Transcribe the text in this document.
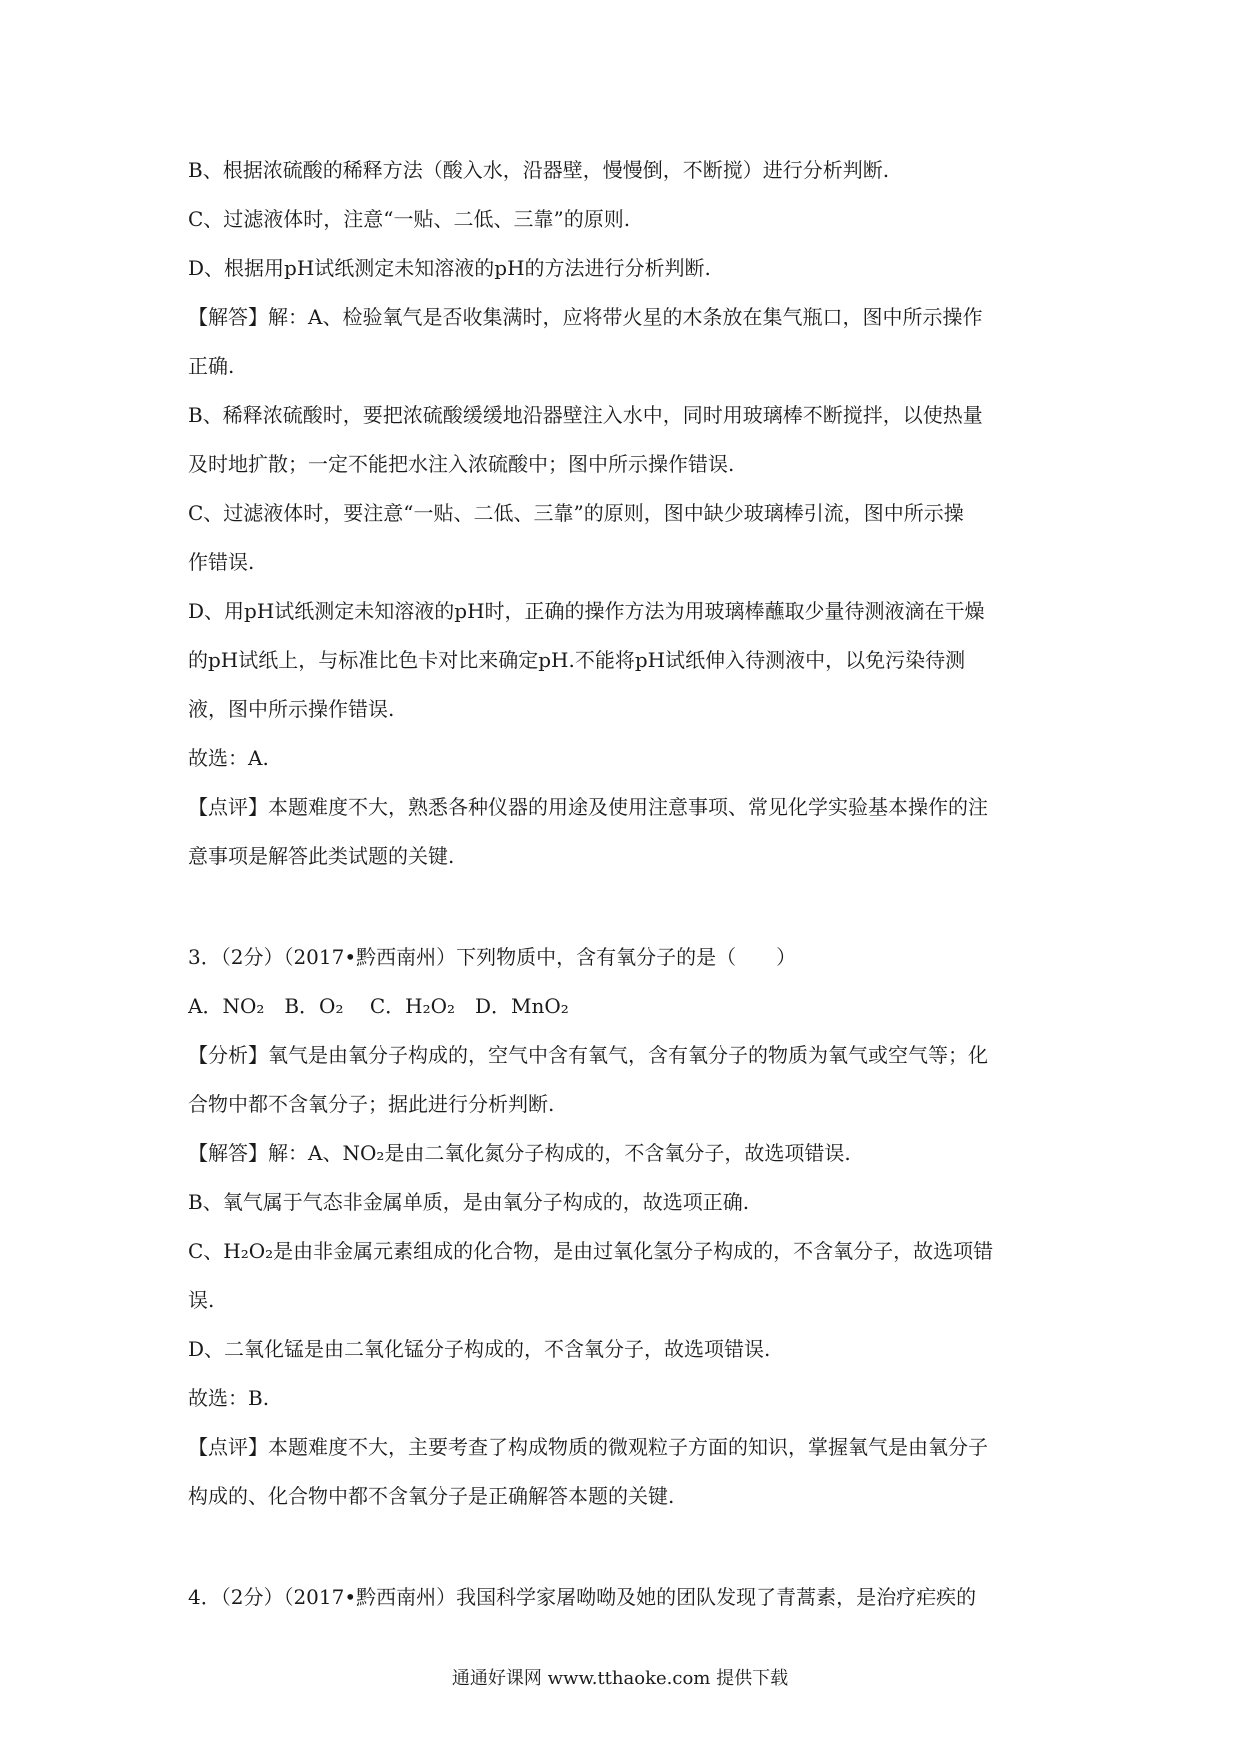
B、根据浓硫酸的稀释方法（酸入水，沿器壁，慢慢倒，不断搅）进行分析判断.
C、过滤液体时，注意“一贴、二低、三靠”的原则.
D、根据用pH试纸测定未知溶液的pH的方法进行分析判断.
【解答】解：A、检验氧气是否收集满时，应将带火星的木条放在集气瓶口，图中所示操作
正确.
B、稀释浓硫酸时，要把浓硫酸缓缓地沿器壁注入水中，同时用玻璃棒不断搅拌，以使热量
及时地扩散；一定不能把水注入浓硫酸中；图中所示操作错误.
C、过滤液体时，要注意“一贴、二低、三靠”的原则，图中缺少玻璃棒引流，图中所示操
作错误.
D、用pH试纸测定未知溶液的pH时，正确的操作方法为用玻璃棒蘸取少量待测液滴在干燥
的pH试纸上，与标准比色卡对比来确定pH.不能将pH试纸伸入待测液中，以免污染待测
液，图中所示操作错误.
故选：A.
【点评】本题难度不大，熟悉各种仪器的用途及使用注意事项、常见化学实验基本操作的注
意事项是解答此类试题的关键.
3．（2分）（2017•黔西南州）下列物质中，含有氧分子的是（　　）
A．NO₂　B．O₂　 C．H₂O₂　D．MnO₂
【分析】氧气是由氧分子构成的，空气中含有氧气，含有氧分子的物质为氧气或空气等；化
合物中都不含氧分子；据此进行分析判断.
【解答】解：A、NO₂是由二氧化氮分子构成的，不含氧分子，故选项错误.
B、氧气属于气态非金属单质，是由氧分子构成的，故选项正确.
C、H₂O₂是由非金属元素组成的化合物，是由过氧化氢分子构成的，不含氧分子，故选项错
误.
D、二氧化锰是由二氧化锰分子构成的，不含氧分子，故选项错误.
故选：B.
【点评】本题难度不大，主要考查了构成物质的微观粒子方面的知识，掌握氧气是由氧分子
构成的、化合物中都不含氧分子是正确解答本题的关键.
4．（2分）（2017•黔西南州）我国科学家屠呦呦及她的团队发现了青蒿素，是治疗疟疾的
通通好课网 www.tthaoke.com 提供下载
